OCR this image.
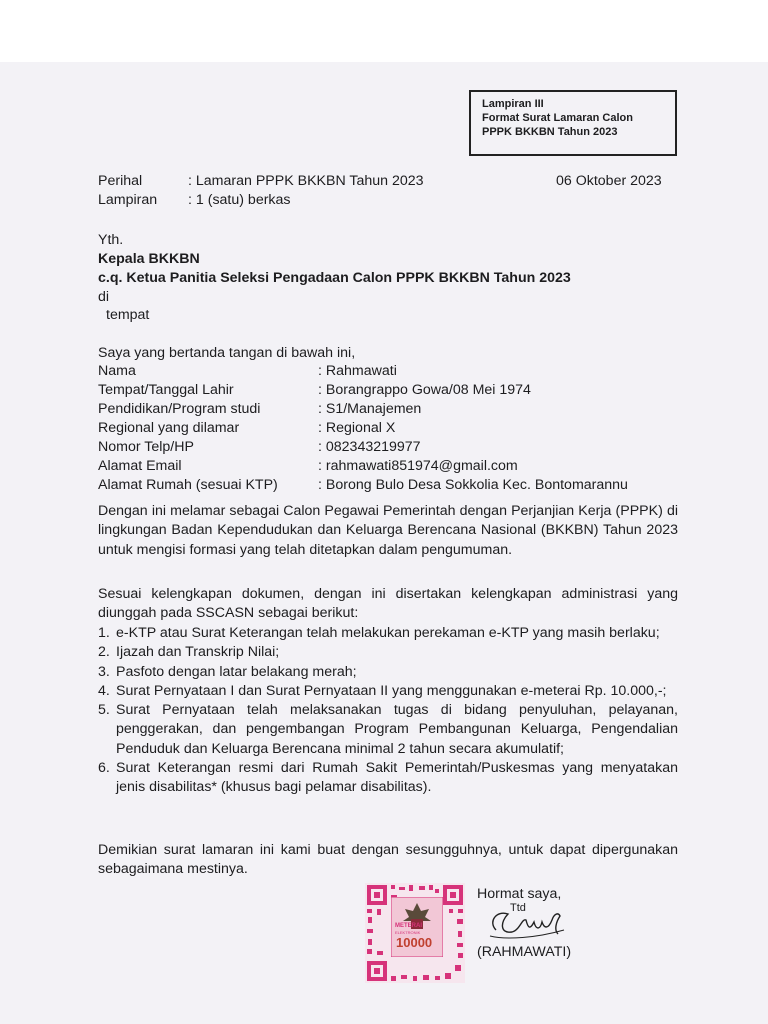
Lampiran III
Format Surat Lamaran Calon
PPPK BKKBN Tahun 2023
Perihal	: Lamaran PPPK BKKBN Tahun 2023	06 Oktober 2023
Lampiran : 1 (satu) berkas
Yth.
Kepala BKKBN
c.q. Ketua Panitia Seleksi Pengadaan Calon PPPK BKKBN Tahun 2023
di
tempat
Saya yang bertanda tangan di bawah ini,
Nama	: Rahmawati
Tempat/Tanggal Lahir	: Borangrappo Gowa/08 Mei 1974
Pendidikan/Program studi	: S1/Manajemen
Regional yang dilamar	: Regional X
Nomor Telp/HP	: 082343219977
Alamat Email	: rahmawati851974@gmail.com
Alamat Rumah (sesuai KTP)	: Borong Bulo Desa Sokkolia Kec. Bontomarannu
Dengan ini melamar sebagai Calon Pegawai Pemerintah dengan Perjanjian Kerja (PPPK) di lingkungan Badan Kependudukan dan Keluarga Berencana Nasional (BKKBN) Tahun 2023 untuk mengisi formasi yang telah ditetapkan dalam pengumuman.
Sesuai kelengkapan dokumen, dengan ini disertakan kelengkapan administrasi yang diunggah pada SSCASN sebagai berikut:
1. e-KTP atau Surat Keterangan telah melakukan perekaman e-KTP yang masih berlaku;
2. Ijazah dan Transkrip Nilai;
3. Pasfoto dengan latar belakang merah;
4. Surat Pernyataan I dan Surat Pernyataan II yang menggunakan e-meterai Rp. 10.000,-;
5. Surat Pernyataan telah melaksanakan tugas di bidang penyuluhan, pelayanan, penggerakan, dan pengembangan Program Pembangunan Keluarga, Pengendalian Penduduk dan Keluarga Berencana minimal 2 tahun secara akumulatif;
6. Surat Keterangan resmi dari Rumah Sakit Pemerintah/Puskesmas yang menyatakan jenis disabilitas* (khusus bagi pelamar disabilitas).
Demikian surat lamaran ini kami buat dengan sesungguhnya, untuk dapat dipergunakan sebagaimana mestinya.
METERAI
ELEKTRONIK
10000
Hormat saya,
Ttd
(RAHMAWATI)
